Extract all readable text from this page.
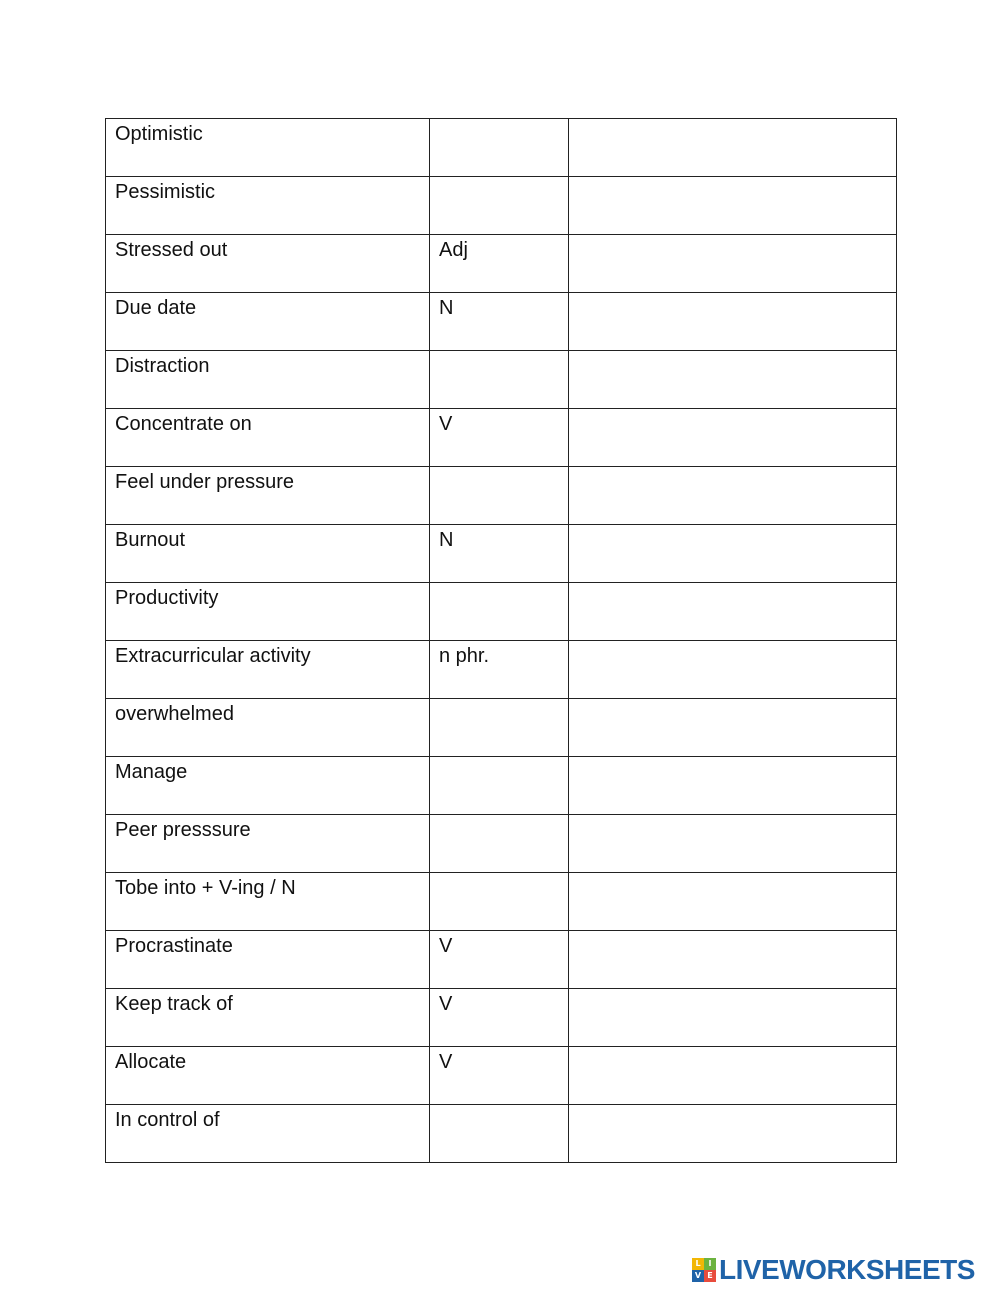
Optimistic		
Pessimistic		
Stressed out	Adj	
Due date	N	
Distraction		
Concentrate on	V	
Feel under pressure		
Burnout	N	
Productivity		
Extracurricular activity	n phr.	
overwhelmed		
Manage		
Peer presssure		
Tobe into + V-ing / N		
Procrastinate	V	
Keep track of	V	
Allocate	V	
In control of		
L I
V E LIVEWORKSHEETS
